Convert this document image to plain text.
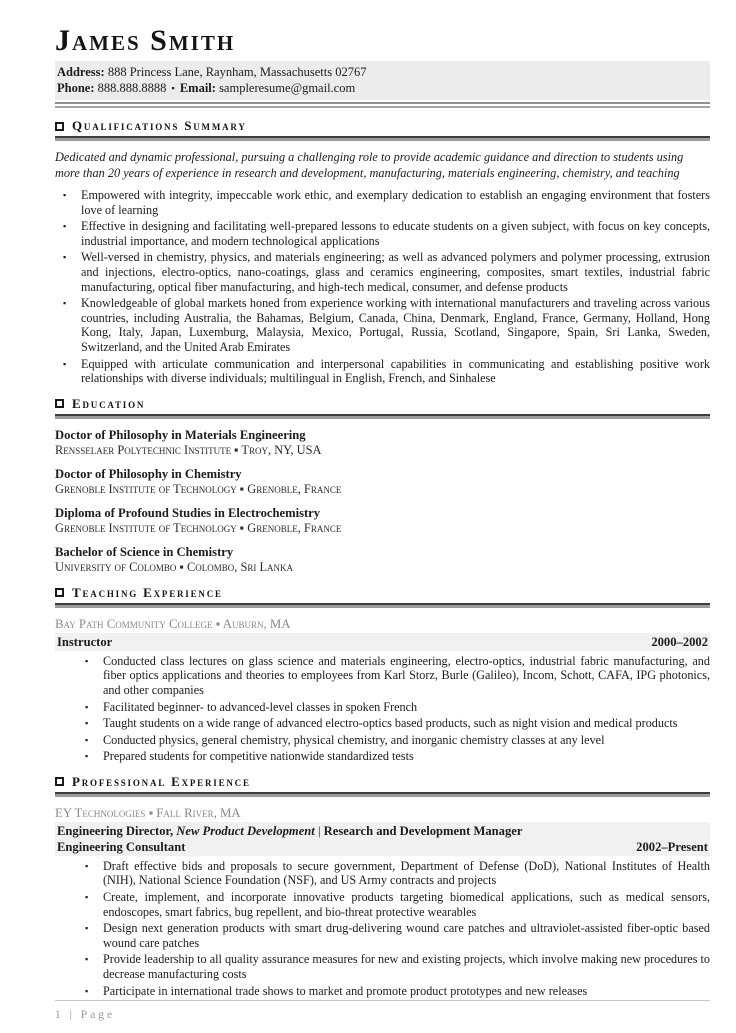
James Smith
Address: 888 Princess Lane, Raynham, Massachusetts 02767
Phone: 888.888.8888 ▪ Email: sampleresume@gmail.com
Qualifications Summary

Dedicated and dynamic professional, pursuing a challenging role to provide academic guidance and direction to students using more than 20 years of experience in research and development, manufacturing, materials engineering, chemistry, and teaching

▪ Empowered with integrity, impeccable work ethic, and exemplary dedication to establish an engaging environment that fosters love of learning
▪ Effective in designing and facilitating well-prepared lessons to educate students on a given subject, with focus on key concepts, industrial importance, and modern technological applications
▪ Well-versed in chemistry, physics, and materials engineering; as well as advanced polymers and polymer processing, extrusion and injections, electro-optics, nano-coatings, glass and ceramics engineering, composites, smart textiles, industrial fabric manufacturing, optical fiber manufacturing, and high-tech medical, consumer, and defense products
▪ Knowledgeable of global markets honed from experience working with international manufacturers and traveling across various countries, including Australia, the Bahamas, Belgium, Canada, China, Denmark, England, France, Germany, Holland, Hong Kong, Italy, Japan, Luxemburg, Malaysia, Mexico, Portugal, Russia, Scotland, Singapore, Spain, Sri Lanka, Sweden, Switzerland, and the United Arab Emirates
▪ Equipped with articulate communication and interpersonal capabilities in communicating and establishing positive work relationships with diverse individuals; multilingual in English, French, and Sinhalese
Education
Doctor of Philosophy in Materials Engineering
Rensselaer Polytechnic Institute ▪ Troy, NY, USA
Doctor of Philosophy in Chemistry
Grenoble Institute of Technology ▪ Grenoble, France
Diploma of Profound Studies in Electrochemistry
Grenoble Institute of Technology ▪ Grenoble, France
Bachelor of Science in Chemistry
University of Colombo ▪ Colombo, Sri Lanka
Teaching Experience
Bay Path Community College ▪ Auburn, MA
Instructor	2000–2002
▪ Conducted class lectures on glass science and materials engineering, electro-optics, industrial fabric manufacturing, and fiber optics applications and theories to employees from Karl Storz, Burle (Galileo), Incom, Schott, CAFA, IPG photonics, and other companies
▪ Facilitated beginner- to advanced-level classes in spoken French
▪ Taught students on a wide range of advanced electro-optics based products, such as night vision and medical products
▪ Conducted physics, general chemistry, physical chemistry, and inorganic chemistry classes at any level
▪ Prepared students for competitive nationwide standardized tests
Professional Experience
EY Technologies ▪ Fall River, MA
Engineering Director, New Product Development | Research and Development Manager
Engineering Consultant	2002–Present
▪ Draft effective bids and proposals to secure government, Department of Defense (DoD), National Institutes of Health (NIH), National Science Foundation (NSF), and US Army contracts and projects
▪ Create, implement, and incorporate innovative products targeting biomedical applications, such as medical sensors, endoscopes, smart fabrics, bug repellent, and bio-threat protective wearables
▪ Design next generation products with smart drug-delivering wound care patches and ultraviolet-assisted fiber-optic based wound care patches
▪ Provide leadership to all quality assurance measures for new and existing projects, which involve making new procedures to decrease manufacturing costs
▪ Participate in international trade shows to market and promote product prototypes and new releases
1 | Page
